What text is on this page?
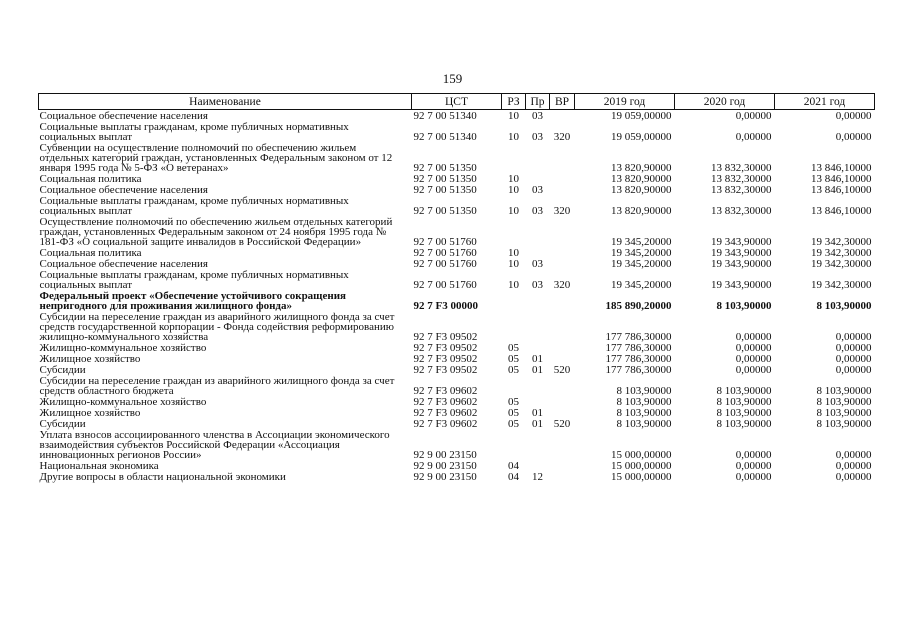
159
Наименование	ЦСТ	РЗ	Пр	ВР	2019 год	2020 год	2021 год
Социальное обеспечение населения	92 7 00 51340	10	03		19 059,00000	0,00000	0,00000
Социальные выплаты гражданам, кроме публичных нормативных социальных выплат	92 7 00 51340	10	03	320	19 059,00000	0,00000	0,00000
Субвенции на осуществление полномочий по обеспечению жильем отдельных категорий граждан, установленных Федеральным законом от 12 января 1995 года № 5-ФЗ «О ветеранах»	92 7 00 51350				13 820,90000	13 832,30000	13 846,10000
Социальная политика	92 7 00 51350	10			13 820,90000	13 832,30000	13 846,10000
Социальное обеспечение населения	92 7 00 51350	10	03		13 820,90000	13 832,30000	13 846,10000
Социальные выплаты гражданам, кроме публичных нормативных социальных выплат	92 7 00 51350	10	03	320	13 820,90000	13 832,30000	13 846,10000
Осуществление полномочий по обеспечению жильем отдельных категорий граждан, установленных Федеральным законом от 24 ноября 1995 года № 181-ФЗ «О социальной защите инвалидов в Российской Федерации»	92 7 00 51760				19 345,20000	19 343,90000	19 342,30000
Социальная политика	92 7 00 51760	10			19 345,20000	19 343,90000	19 342,30000
Социальное обеспечение населения	92 7 00 51760	10	03		19 345,20000	19 343,90000	19 342,30000
Социальные выплаты гражданам, кроме публичных нормативных социальных выплат	92 7 00 51760	10	03	320	19 345,20000	19 343,90000	19 342,30000
Федеральный проект «Обеспечение устойчивого сокращения непригодного для проживания жилищного фонда»	92 7 F3 00000				185 890,20000	8 103,90000	8 103,90000
Субсидии на переселение граждан из аварийного жилищного фонда за счет средств государственной корпорации - Фонда содействия реформированию жилищно-коммунального хозяйства	92 7 F3 09502				177 786,30000	0,00000	0,00000
Жилищно-коммунальное хозяйство	92 7 F3 09502	05			177 786,30000	0,00000	0,00000
Жилищное хозяйство	92 7 F3 09502	05	01		177 786,30000	0,00000	0,00000
Субсидии	92 7 F3 09502	05	01	520	177 786,30000	0,00000	0,00000
Субсидии на переселение граждан из аварийного жилищного фонда за счет средств областного бюджета	92 7 F3 09602				8 103,90000	8 103,90000	8 103,90000
Жилищно-коммунальное хозяйство	92 7 F3 09602	05			8 103,90000	8 103,90000	8 103,90000
Жилищное хозяйство	92 7 F3 09602	05	01		8 103,90000	8 103,90000	8 103,90000
Субсидии	92 7 F3 09602	05	01	520	8 103,90000	8 103,90000	8 103,90000
Уплата взносов ассоциированного членства в Ассоциации экономического взаимодействия субъектов Российской Федерации «Ассоциация инновационных регионов России»	92 9 00 23150				15 000,00000	0,00000	0,00000
Национальная экономика	92 9 00 23150	04			15 000,00000	0,00000	0,00000
Другие вопросы в области национальной экономики	92 9 00 23150	04	12		15 000,00000	0,00000	0,00000
